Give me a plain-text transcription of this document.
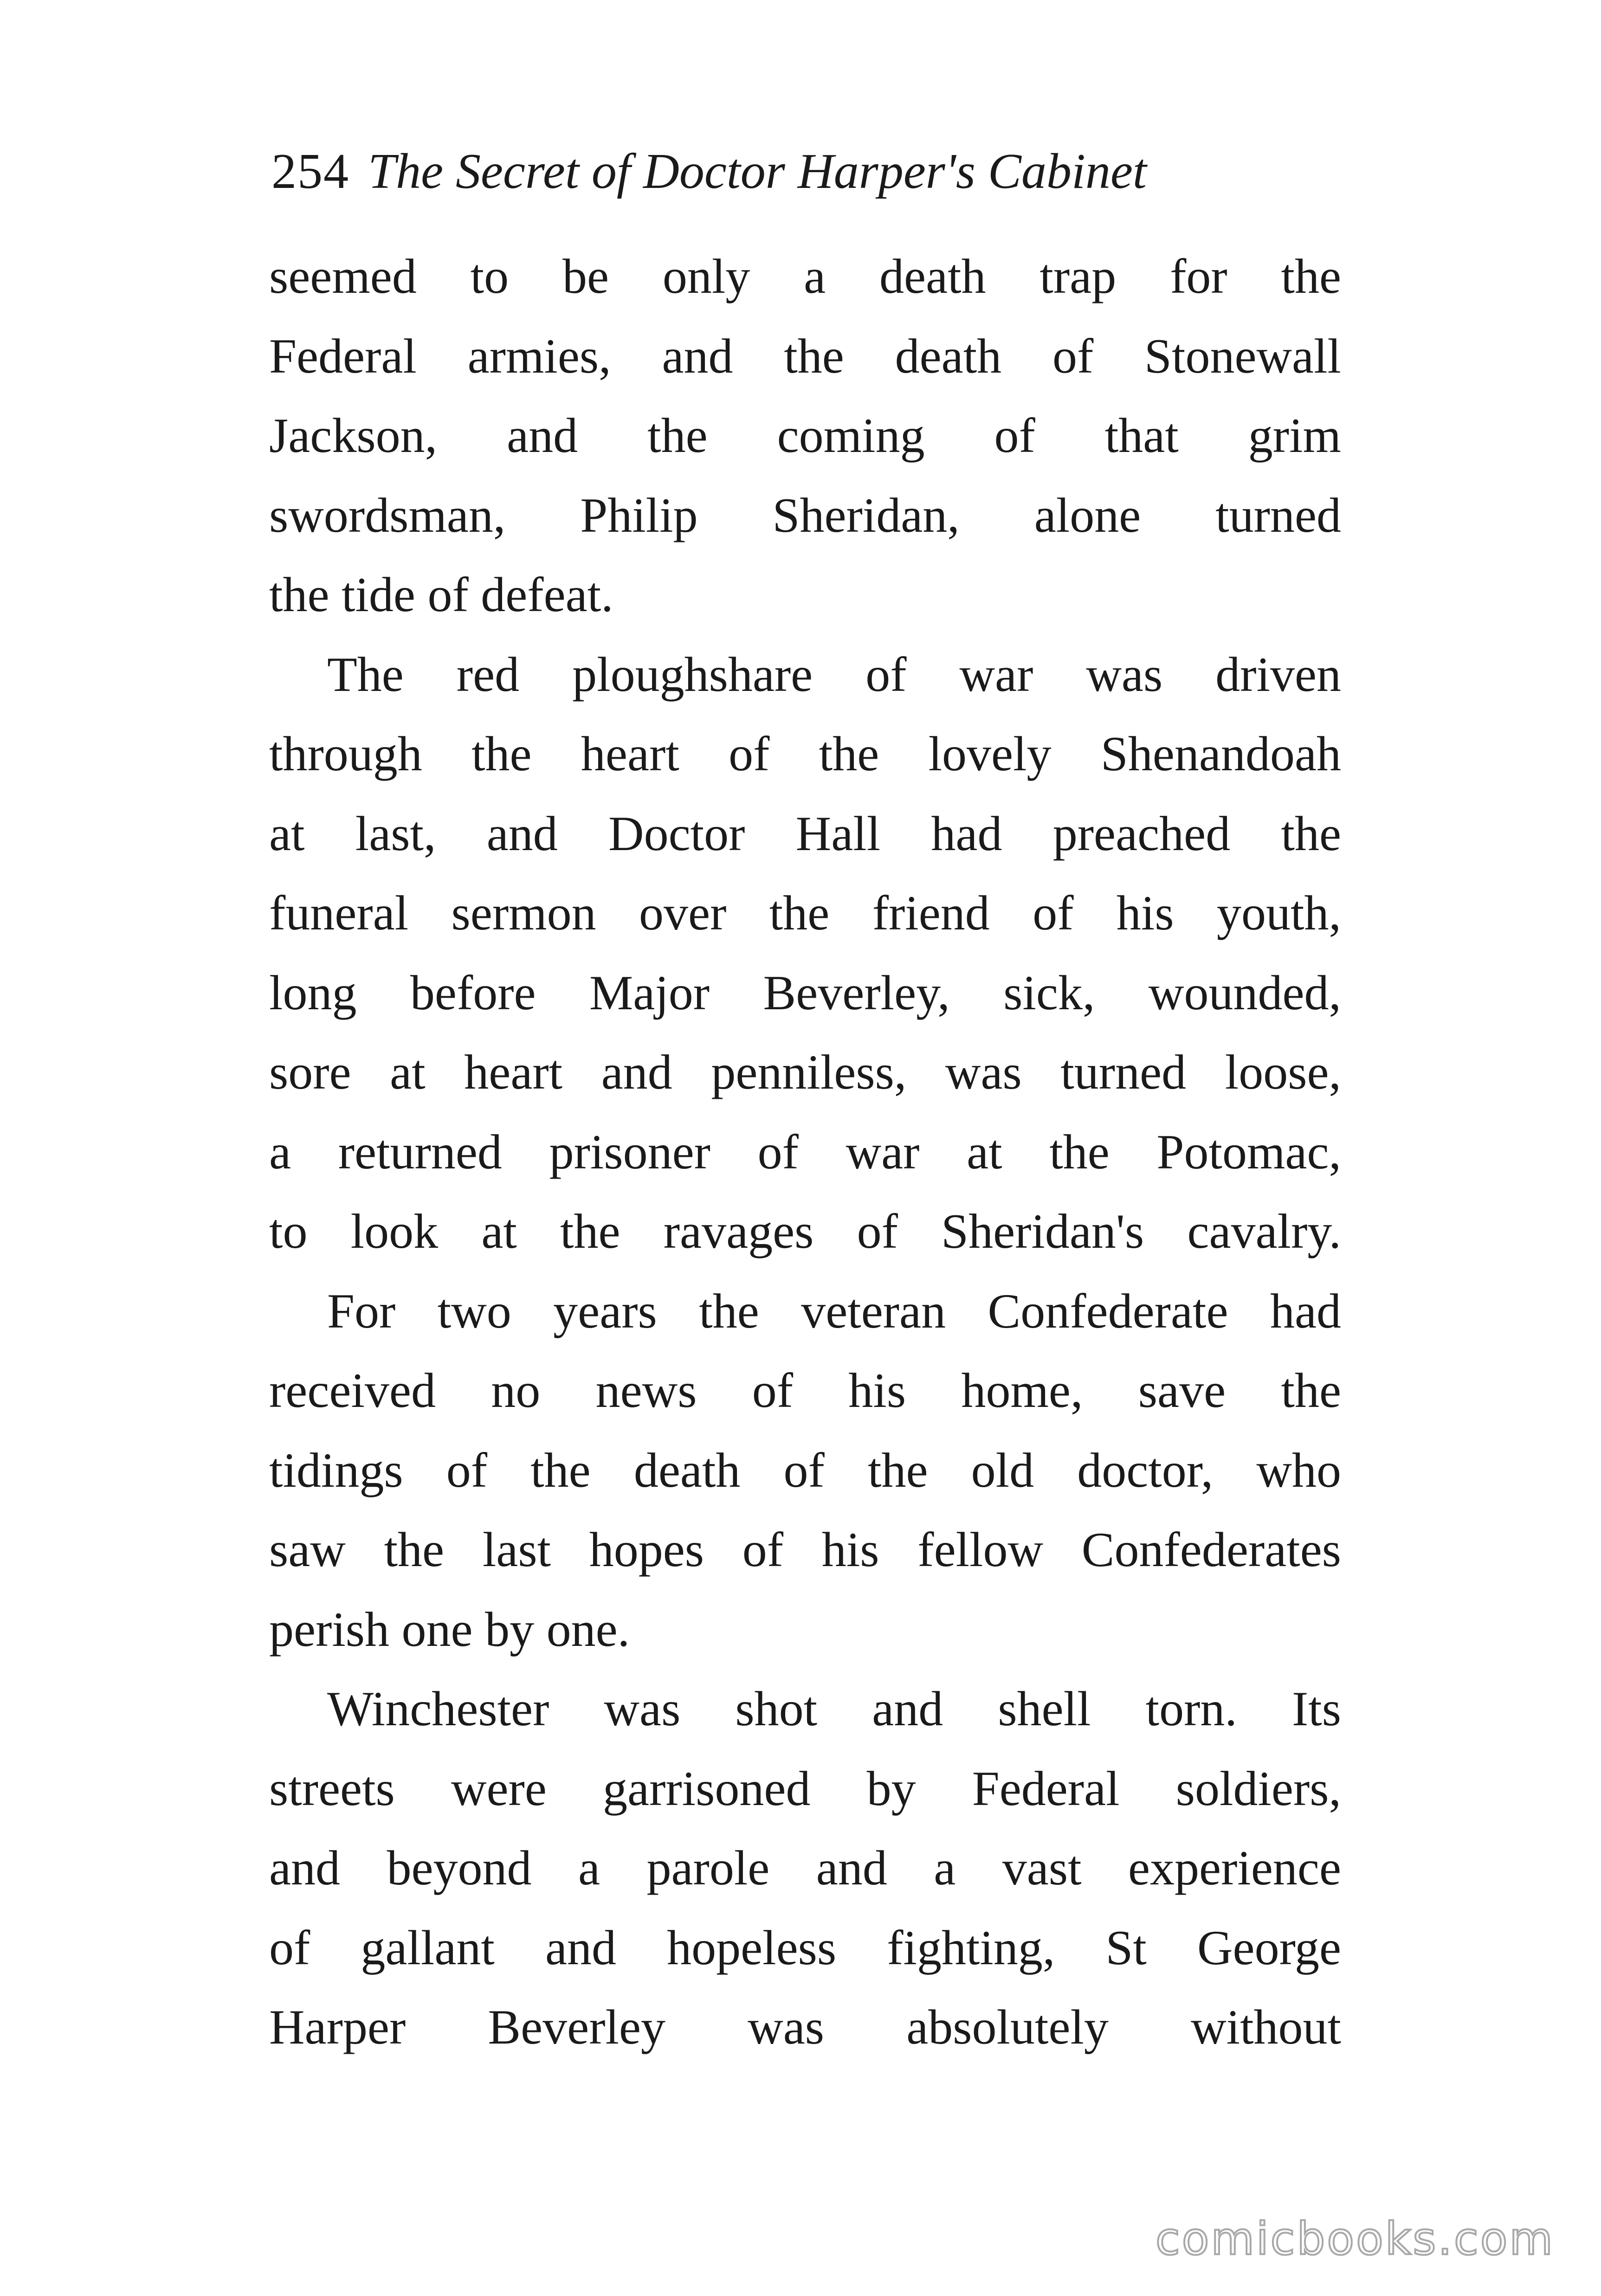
254 The Secret of Doctor Harper's Cabinet
seemed to be only a death trap for the
Federal armies, and the death of Stonewall
Jackson, and the coming of that grim
swordsman, Philip Sheridan, alone turned
the tide of defeat.
The red ploughshare of war was driven
through the heart of the lovely Shenandoah
at last, and Doctor Hall had preached the
funeral sermon over the friend of his youth,
long before Major Beverley, sick, wounded,
sore at heart and penniless, was turned loose,
a returned prisoner of war at the Potomac,
to look at the ravages of Sheridan's cavalry.
For two years the veteran Confederate had
received no news of his home, save the
tidings of the death of the old doctor, who
saw the last hopes of his fellow Confederates
perish one by one.
Winchester was shot and shell torn. Its
streets were garrisoned by Federal soldiers,
and beyond a parole and a vast experience
of gallant and hopeless fighting, St George
Harper Beverley was absolutely without
comicbooks.com
